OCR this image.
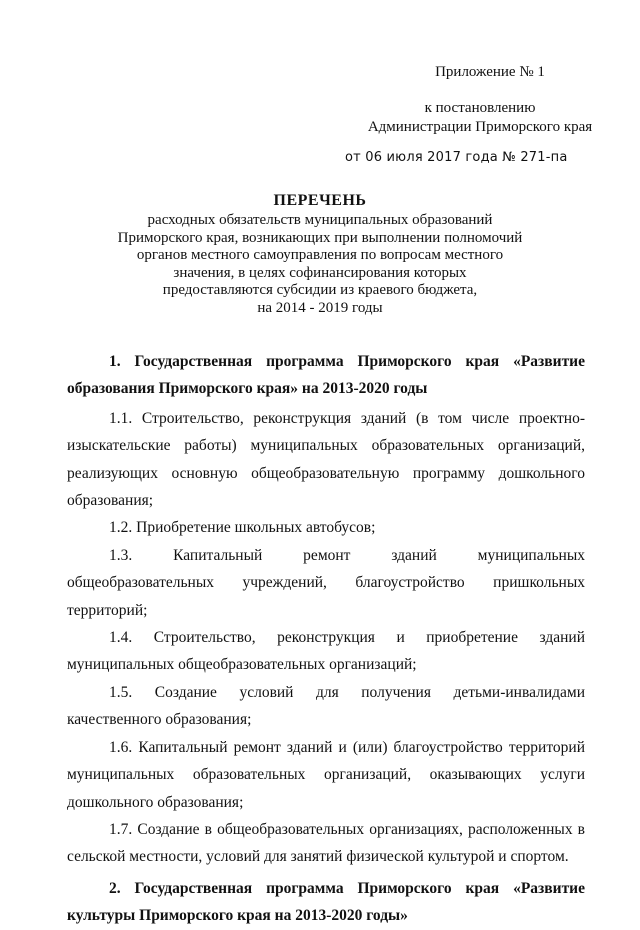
Приложение № 1
к постановлению
Администрации Приморского края
от 06 июля 2017 года № 271-па
ПЕРЕЧЕНЬ
расходных обязательств муниципальных образований
Приморского края, возникающих при выполнении полномочий
органов местного самоуправления по вопросам местного
значения, в целях софинансирования которых
предоставляются субсидии из краевого бюджета,
на 2014 - 2019 годы

1. Государственная программа Приморского края «Развитие образования Приморского края» на 2013-2020 годы

1.1. Строительство, реконструкция зданий (в том числе проектно-изыскательские работы) муниципальных образовательных организаций, реализующих основную общеобразовательную программу дошкольного образования;

1.2. Приобретение школьных автобусов;

1.3. Капитальный ремонт зданий муниципальных общеобразовательных учреждений, благоустройство пришкольных территорий;

1.4. Строительство, реконструкция и приобретение зданий муниципальных общеобразовательных организаций;

1.5. Создание условий для получения детьми-инвалидами качественного образования;

1.6. Капитальный ремонт зданий и (или) благоустройство территорий муниципальных образовательных организаций, оказывающих услуги дошкольного образования;

1.7. Создание в общеобразовательных организациях, расположенных в сельской местности, условий для занятий физической культурой и спортом.

2. Государственная программа Приморского края «Развитие культуры Приморского края на 2013-2020 годы»
